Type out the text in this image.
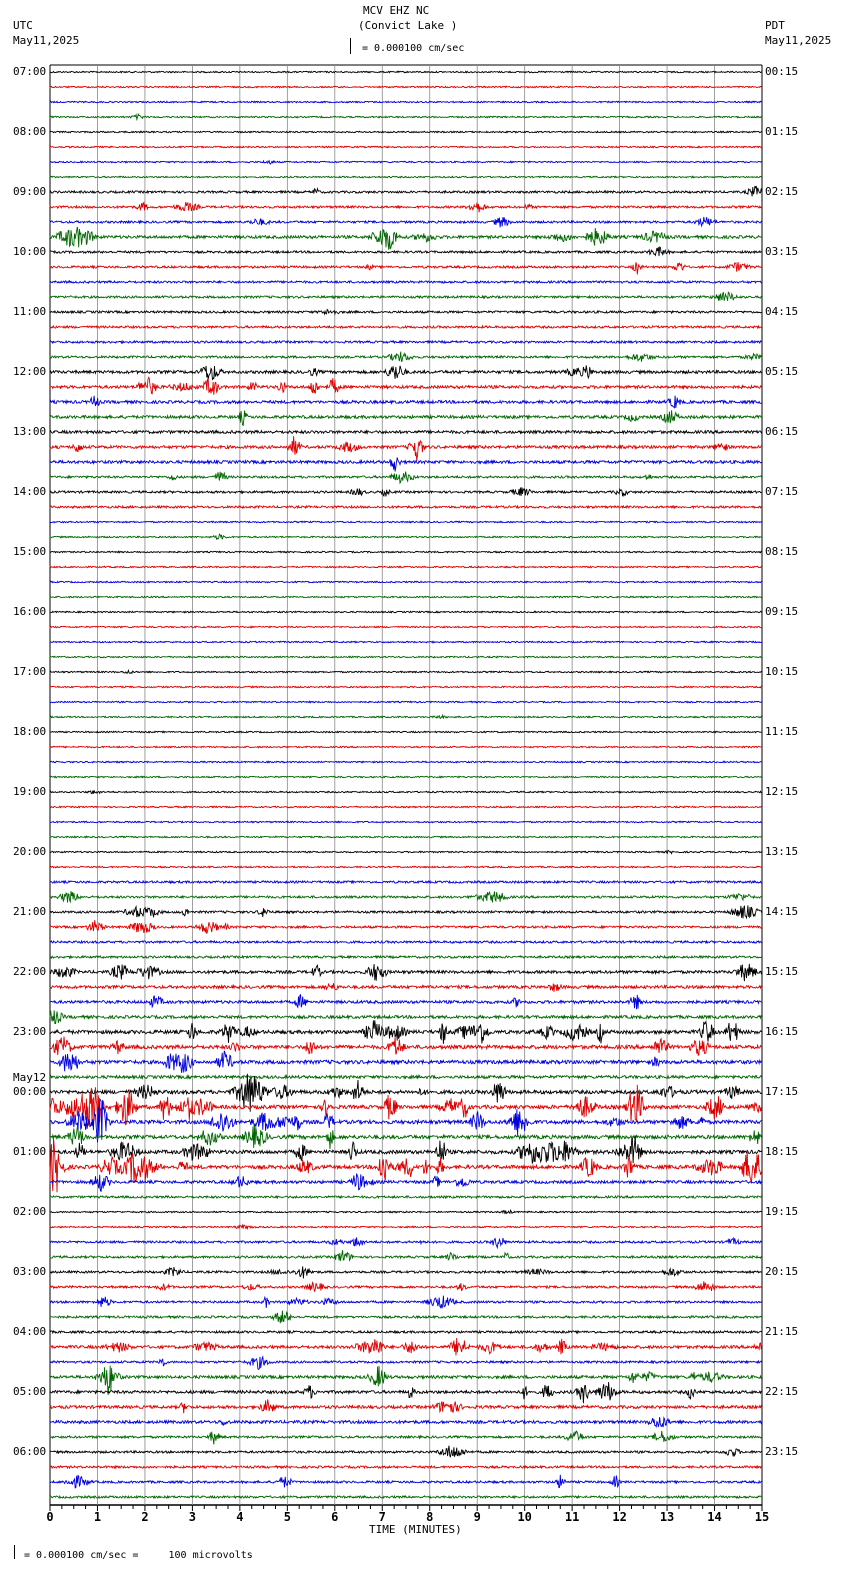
MCV EHZ NC
(Convict Lake )
UTC
May11,2025
PDT
May11,2025
= 0.000100 cm/sec
0	1	2	3	4	5	6	7	8	9	10	11	12	13	14	15
07:00
08:00
09:00
10:00
11:00
12:00
13:00
14:00
15:00
16:00
17:00
18:00
19:00
20:00
21:00
22:00
23:00
00:00
May12
01:00
02:00
03:00
04:00
05:00
06:00
00:15
01:15
02:15
03:15
04:15
05:15
06:15
07:15
08:15
09:15
10:15
11:15
12:15
13:15
14:15
15:15
16:15
17:15
18:15
19:15
20:15
21:15
22:15
23:15
TIME (MINUTES)
= 0.000100 cm/sec =     100 microvolts
